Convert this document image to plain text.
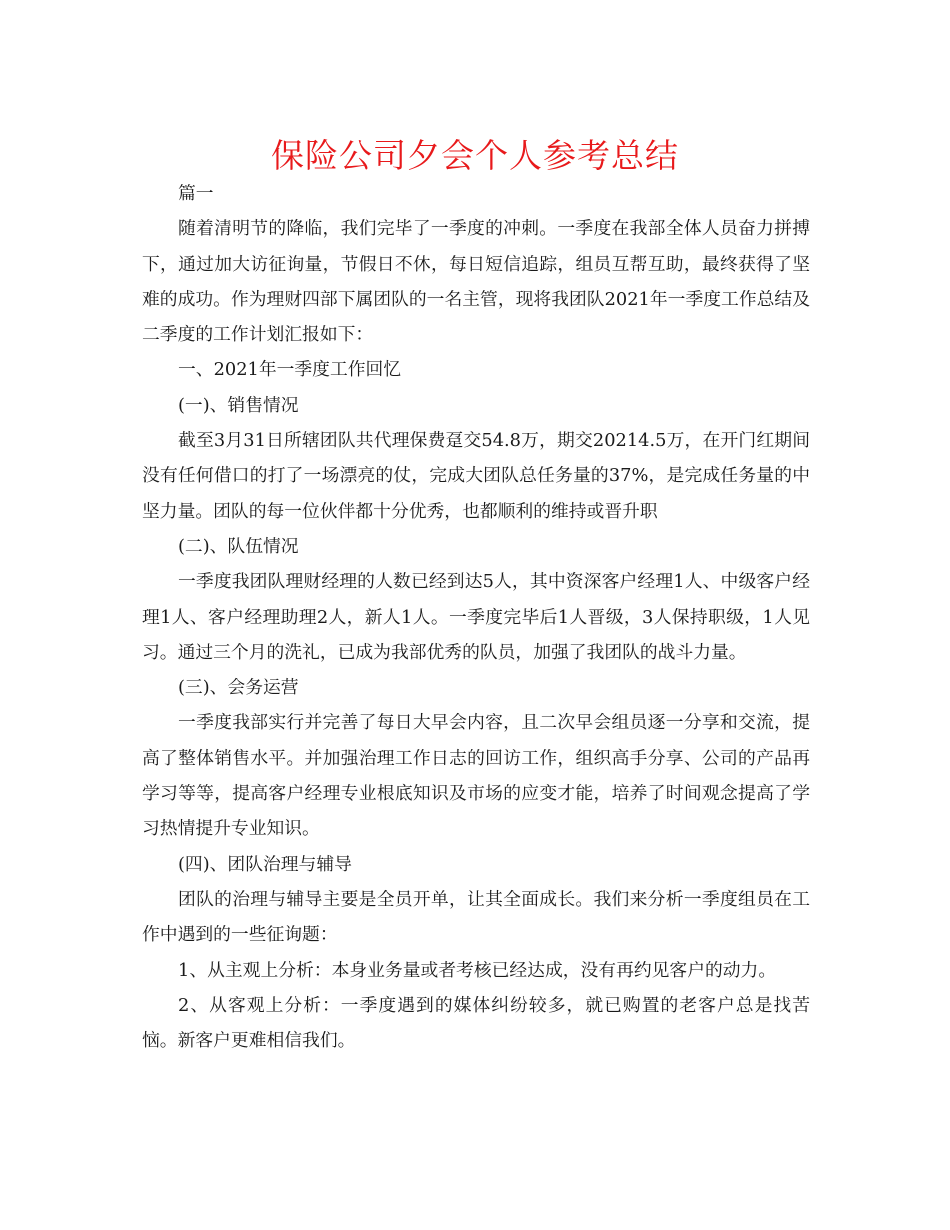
保险公司夕会个人参考总结

篇一

随着清明节的降临，我们完毕了一季度的冲刺。一季度在我部全体人员奋力拼搏下，通过加大访征询量，节假日不休，每日短信追踪，组员互帮互助，最终获得了坚难的成功。作为理财四部下属团队的一名主管，现将我团队2021年一季度工作总结及二季度的工作计划汇报如下：

一、2021年一季度工作回忆

(一)、销售情况

截至3月31日所辖团队共代理保费趸交54.8万，期交20214.5万，在开门红期间没有任何借口的打了一场漂亮的仗，完成大团队总任务量的37%，是完成任务量的中坚力量。团队的每一位伙伴都十分优秀，也都顺利的维持或晋升职

(二)、队伍情况

一季度我团队理财经理的人数已经到达5人，其中资深客户经理1人、中级客户经理1人、客户经理助理2人，新人1人。一季度完毕后1人晋级，3人保持职级，1人见习。通过三个月的洗礼，已成为我部优秀的队员，加强了我团队的战斗力量。

(三)、会务运营

一季度我部实行并完善了每日大早会内容，且二次早会组员逐一分享和交流，提高了整体销售水平。并加强治理工作日志的回访工作，组织高手分享、公司的产品再学习等等，提高客户经理专业根底知识及市场的应变才能，培养了时间观念提高了学习热情提升专业知识。

(四)、团队治理与辅导

团队的治理与辅导主要是全员开单，让其全面成长。我们来分析一季度组员在工作中遇到的一些征询题：

1、从主观上分析：本身业务量或者考核已经达成，没有再约见客户的动力。

2、从客观上分析：一季度遇到的媒体纠纷较多，就已购置的老客户总是找苦恼。新客户更难相信我们。
